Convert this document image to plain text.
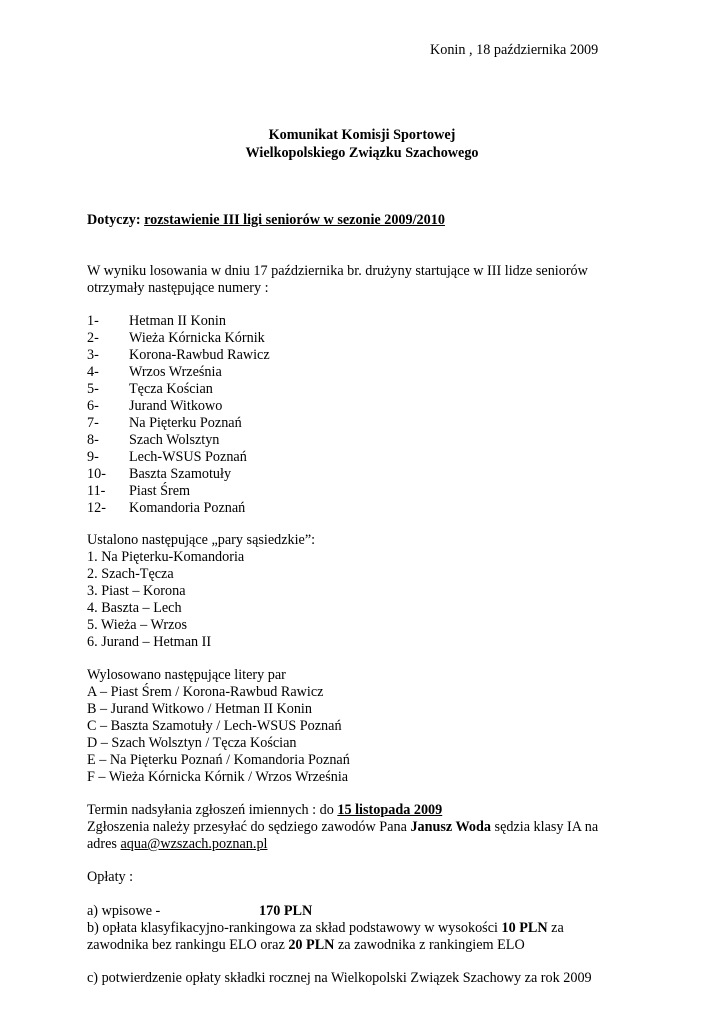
Konin , 18 października 2009
Komunikat Komisji Sportowej
Wielkopolskiego Związku Szachowego
Dotyczy: rozstawienie III ligi seniorów w sezonie 2009/2010
W wyniku losowania w dniu 17 października br. drużyny startujące w III lidze seniorów
otrzymały następujące numery :
1- Hetman II Konin
2- Wieża Kórnicka Kórnik
3- Korona-Rawbud Rawicz
4- Wrzos Września
5- Tęcza Kościan
6- Jurand Witkowo
7- Na Pięterku Poznań
8- Szach Wolsztyn
9- Lech-WSUS Poznań
10- Baszta Szamotuły
11- Piast Śrem
12- Komandoria Poznań
Ustalono następujące „pary sąsiedzkie”:
1. Na Pięterku-Komandoria
2. Szach-Tęcza
3. Piast – Korona
4. Baszta – Lech
5. Wieża – Wrzos
6. Jurand – Hetman II
Wylosowano następujące litery par
A – Piast Śrem / Korona-Rawbud Rawicz
B – Jurand Witkowo / Hetman II Konin
C – Baszta Szamotuły / Lech-WSUS Poznań
D – Szach Wolsztyn / Tęcza Kościan
E – Na Pięterku Poznań / Komandoria Poznań
F – Wieża Kórnicka Kórnik / Wrzos Września
Termin nadsyłania zgłoszeń imiennych : do 15 listopada 2009
Zgłoszenia należy przesyłać do sędziego zawodów Pana Janusz Woda sędzia klasy IA na
adres aqua@wzszach.poznan.pl
Opłaty :
a) wpisowe -	170 PLN
b) opłata klasyfikacyjno-rankingowa za skład podstawowy w wysokości 10 PLN za
zawodnika bez rankingu ELO oraz 20 PLN za zawodnika z rankingiem ELO
c) potwierdzenie opłaty składki rocznej na Wielkopolski Związek Szachowy za rok 2009
